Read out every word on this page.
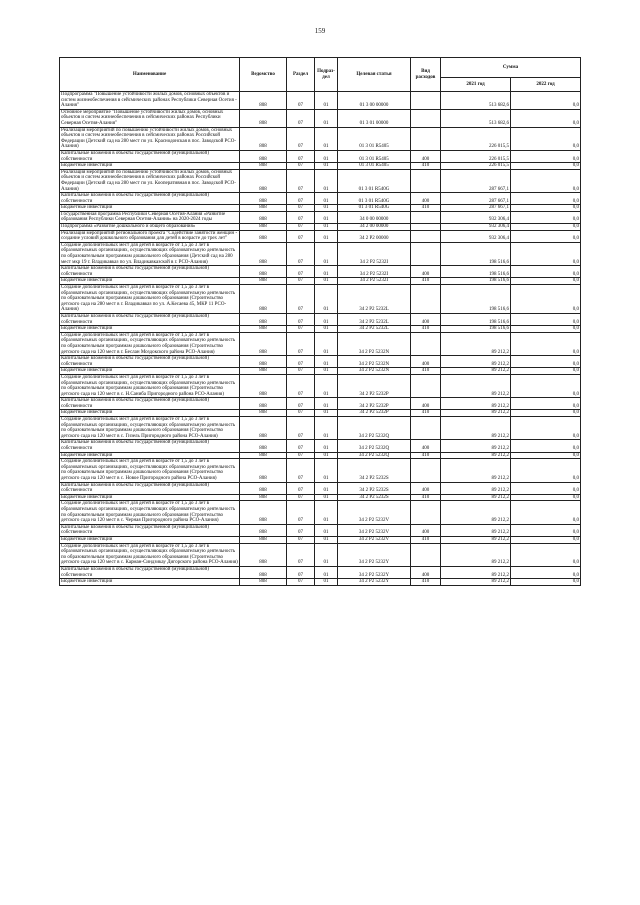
159
Наименование	Ведомство	Раздел	Подраз-дел	Целевая статья	Вид расходов	Сумма	
						2021 год	2022 год
Подпрограмма "Повышение устойчивости жилых домов, основных объектов и систем жизнеобеспечения в сейсмических районах Республики Северная Осетия - Алания"	808	07	01	01 3 00 00000		513 682,6	0,0
Основное мероприятие "Повышение устойчивости жилых домов, основных объектов и систем жизнеобеспечения в сейсмических районах Республики Северная Осетия-Алания"	808	07	01	01 3 01 00000		513 682,6	0,0
Реализация мероприятий по повышению устойчивости жилых домов, основных объектов и систем жизнеобеспечения в сейсмических районах Российской Федерации (Детский сад на 280 мест по ул. Краснодонская в пос. Заводской РСО-Алания)	808	07	01	01 3 01 R5405		226 015,5	0,0
Капитальные вложения в объекты государственной (муниципальной) собственности	808	07	01	01 3 01 R5405	400	226 015,5	0,0
Бюджетные инвестиции	808	07	01	01 3 01 R5405	410	226 015,5	0,0
Реализация мероприятий по повышению устойчивости жилых домов, основных объектов и систем жизнеобеспечения в сейсмических районах Российской Федерации (Детский сад на 280 мест по ул. Кооперативная в пос. Заводской РСО-Алания)	808	07	01	01 3 01 R540G		287 667,1	0,0
Капитальные вложения в объекты государственной (муниципальной) собственности	808	07	01	01 3 01 R540G	400	287 667,1	0,0
Бюджетные инвестиции	808	07	01	01 3 01 R540G	410	287 667,1	0,0
Государственная программа Республики Северная Осетия-Алания «Развитие образования Республики Северная Осетия-Алания» на 2020-2024 годы	808	07	01	34 0 00 00000		932 306,4	0,0
Подпрограмма «Развитие дошкольного и общего образования»	808	07	01	34 2 00 00000		932 306,4	0,0
Реализация мероприятий регионального проекта "Содействие занятости женщин - создание условий дошкольного образования для детей в возрасте до трех лет"	808	07	01	34 2 P2 00000		932 306,4	0,0
Создание дополнительных мест для детей в возрасте от 1,5 до 3 лет в образовательных организациях, осуществляющих образовательную деятельность по образовательным программам дошкольного образования (Детский сад на 280 мест мкр 19 г. Владикавказ по ул. Владикавказской в г. РСО-Алания)	808	07	01	34 2 P2 5232I		198 516,6	0,0
Капитальные вложения в объекты государственной (муниципальной) собственности	808	07	01	34 2 P2 5232I	400	198 516,6	0,0
Бюджетные инвестиции	808	07	01	34 2 P2 5232I	410	198 516,6	0,0
Создание дополнительных мест для детей в возрасте от 1,5 до 3 лет в образовательных организациях, осуществляющих образовательную деятельность по образовательным программам дошкольного образования (Строительство детского сада на 280 мест в г. Владикавказ по ул. А.Кесаева 45, МКР 11 РСО-Алания)	808	07	01	34 2 P2 5232L		198 516,6	0,0
Капитальные вложения в объекты государственной (муниципальной) собственности	808	07	01	34 2 P2 5232L	400	198 516,6	0,0
Бюджетные инвестиции	808	07	01	34 2 P2 5232L	410	198 516,6	0,0
Создание дополнительных мест для детей в возрасте от 1,5 до 3 лет в образовательных организациях, осуществляющих образовательную деятельность по образовательным программам дошкольного образования (Строительство детского сада на 120 мест в г. Беслан Моздокского района РСО-Алания)	808	07	01	34 2 P2 5232N		89 212,2	0,0
Капитальные вложения в объекты государственной (муниципальной) собственности	808	07	01	34 2 P2 5232N	400	89 212,2	0,0
Бюджетные инвестиции	808	07	01	34 2 P2 5232N	410	89 212,2	0,0
Создание дополнительных мест для детей в возрасте от 1,5 до 3 лет в образовательных организациях, осуществляющих образовательную деятельность по образовательным программам дошкольного образования (Строительство детского сада на 120 мест в с. Н.Саниба Пригородного района РСО-Алания)	808	07	01	34 2 P2 5232P		89 212,2	0,0
Капитальные вложения в объекты государственной (муниципальной) собственности	808	07	01	34 2 P2 5232P	400	89 212,2	0,0
Бюджетные инвестиции	808	07	01	34 2 P2 5232P	410	89 212,2	0,0
Создание дополнительных мест для детей в возрасте от 1,5 до 3 лет в образовательных организациях, осуществляющих образовательную деятельность по образовательным программам дошкольного образования (Строительство детского сада на 120 мест в с. Гизель Пригородного района РСО-Алания)	808	07	01	34 2 P2 5232Q		89 212,2	0,0
Капитальные вложения в объекты государственной (муниципальной) собственности	808	07	01	34 2 P2 5232Q	400	89 212,2	0,0
Бюджетные инвестиции	808	07	01	34 2 P2 5232Q	410	89 212,2	0,0
Создание дополнительных мест для детей в возрасте от 1,5 до 3 лет в образовательных организациях, осуществляющих образовательную деятельность по образовательным программам дошкольного образования (Строительство детского сада на 120 мест в с. Новое Пригородного района РСО-Алания)	808	07	01	34 2 P2 5232S		89 212,2	0,0
Капитальные вложения в объекты государственной (муниципальной) собственности	808	07	01	34 2 P2 5232S	400	89 212,2	0,0
Бюджетные инвестиции	808	07	01	34 2 P2 5232S	410	89 212,2	0,0
Создание дополнительных мест для детей в возрасте от 1,5 до 3 лет в образовательных организациях, осуществляющих образовательную деятельность по образовательным программам дошкольного образования (Строительство детского сада на 120 мест в с. Черная Пригородного района РСО-Алания)	808	07	01	34 2 P2 5232V		89 212,2	0,0
Капитальные вложения в объекты государственной (муниципальной) собственности	808	07	01	34 2 P2 5232V	400	89 212,2	0,0
Бюджетные инвестиции	808	07	01	34 2 P2 5232V	410	89 212,2	0,0
Создание дополнительных мест для детей в возрасте от 1,5 до 3 лет в образовательных организациях, осуществляющих образовательную деятельность по образовательным программам дошкольного образования (Строительство детского сада на 120 мест в с. Карман-Синдзикау Дигорского района РСО-Алания)	808	07	01	34 2 P2 5232Y		89 212,2	0,0
Капитальные вложения в объекты государственной (муниципальной) собственности	808	07	01	34 2 P2 5232Y	400	89 212,2	0,0
Бюджетные инвестиции	808	07	01	34 2 P2 5232Y	410	89 212,2	0,0
